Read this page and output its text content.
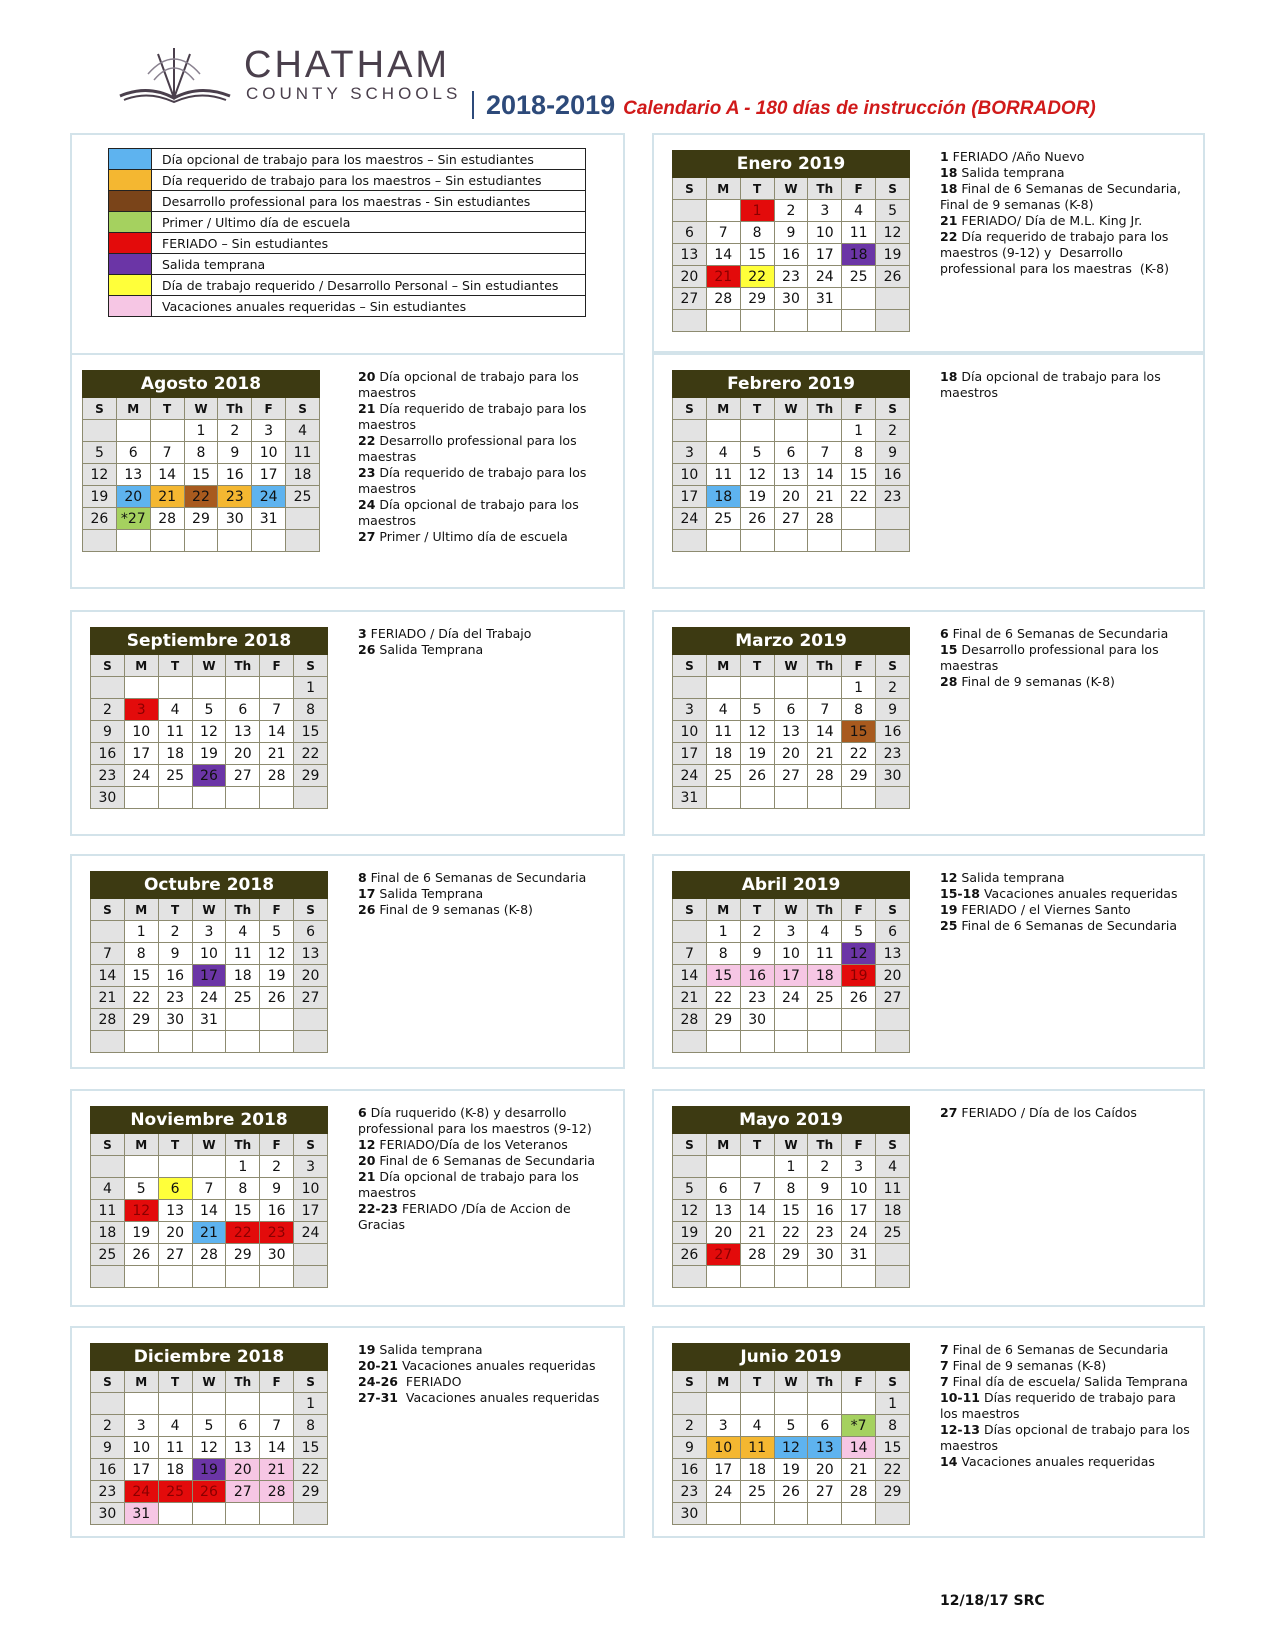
CHATHAM
COUNTY SCHOOLS 2018-2019 Calendario A - 180 días de instrucción (BORRADOR)
	Día opcional de trabajo para los maestros – Sin estudiantes
	Día requerido de trabajo para los maestros – Sin estudiantes
	Desarrollo professional para los maestras - Sin estudiantes
	Primer / Ultimo día de escuela
	FERIADO – Sin estudiantes
	Salida temprana
	Día de trabajo requerido / Desarrollo Personal – Sin estudiantes
	Vacaciones anuales requeridas – Sin estudiantes
Agosto 2018						
S	M	T	W	Th	F	S
			1	2	3	4
5	6	7	8	9	10	11
12	13	14	15	16	17	18
19	20	21	22	23	24	25
26	*27	28	29	30	31	

20 Día opcional de trabajo para los maestros
21 Día requerido de trabajo para los maestros
22 Desarrollo professional para los maestras
23 Día requerido de trabajo para los maestros
24 Día opcional de trabajo para los maestros
27 Primer / Ultimo día de escuela
Septiembre 2018						
S	M	T	W	Th	F	S
						1
2	3	4	5	6	7	8
9	10	11	12	13	14	15
16	17	18	19	20	21	22
23	24	25	26	27	28	29
30						
3 FERIADO / Día del Trabajo
26 Salida Temprana
Octubre 2018						
S	M	T	W	Th	F	S
	1	2	3	4	5	6
7	8	9	10	11	12	13
14	15	16	17	18	19	20
21	22	23	24	25	26	27
28	29	30	31			

8 Final de 6 Semanas de Secundaria
17 Salida Temprana
26 Final de 9 semanas (K-8)
Noviembre 2018						
S	M	T	W	Th	F	S
				1	2	3
4	5	6	7	8	9	10
11	12	13	14	15	16	17
18	19	20	21	22	23	24
25	26	27	28	29	30	

6 Día ruquerido (K-8) y desarrollo professional para los maestros (9-12)
12 FERIADO/Día de los Veteranos
20 Final de 6 Semanas de Secundaria
21 Día opcional de trabajo para los maestros
22-23 FERIADO /Día de Accion de Gracias
Diciembre 2018						
S	M	T	W	Th	F	S
						1
2	3	4	5	6	7	8
9	10	11	12	13	14	15
16	17	18	19	20	21	22
23	24	25	26	27	28	29
30	31					
19 Salida temprana
20-21 Vacaciones anuales requeridas
24-26  FERIADO
27-31  Vacaciones anuales requeridas
Enero 2019						
S	M	T	W	Th	F	S
		1	2	3	4	5
6	7	8	9	10	11	12
13	14	15	16	17	18	19
20	21	22	23	24	25	26
27	28	29	30	31		

1 FERIADO /Año Nuevo
18 Salida temprana
18 Final de 6 Semanas de Secundaria, Final de 9 semanas (K-8)
21 FERIADO/ Día de M.L. King Jr.
22 Día requerido de trabajo para los maestros (9-12) y  Desarrollo professional para los maestras  (K-8)
Febrero 2019						
S	M	T	W	Th	F	S
					1	2
3	4	5	6	7	8	9
10	11	12	13	14	15	16
17	18	19	20	21	22	23
24	25	26	27	28		

18 Día opcional de trabajo para los maestros
Marzo 2019						
S	M	T	W	Th	F	S
					1	2
3	4	5	6	7	8	9
10	11	12	13	14	15	16
17	18	19	20	21	22	23
24	25	26	27	28	29	30
31						
6 Final de 6 Semanas de Secundaria
15 Desarrollo professional para los maestras
28 Final de 9 semanas (K-8)
Abril 2019						
S	M	T	W	Th	F	S
	1	2	3	4	5	6
7	8	9	10	11	12	13
14	15	16	17	18	19	20
21	22	23	24	25	26	27
28	29	30				

12 Salida temprana
15-18 Vacaciones anuales requeridas
19 FERIADO / el Viernes Santo
25 Final de 6 Semanas de Secundaria
Mayo 2019						
S	M	T	W	Th	F	S
			1	2	3	4
5	6	7	8	9	10	11
12	13	14	15	16	17	18
19	20	21	22	23	24	25
26	27	28	29	30	31	

27 FERIADO / Día de los Caídos
Junio 2019						
S	M	T	W	Th	F	S
						1
2	3	4	5	6	*7	8
9	10	11	12	13	14	15
16	17	18	19	20	21	22
23	24	25	26	27	28	29
30						
7 Final de 6 Semanas de Secundaria
7 Final de 9 semanas (K-8)
7 Final día de escuela/ Salida Temprana
10-11 Días requerido de trabajo para los maestros
12-13 Días opcional de trabajo para los maestros
14 Vacaciones anuales requeridas
12/18/17 SRC
